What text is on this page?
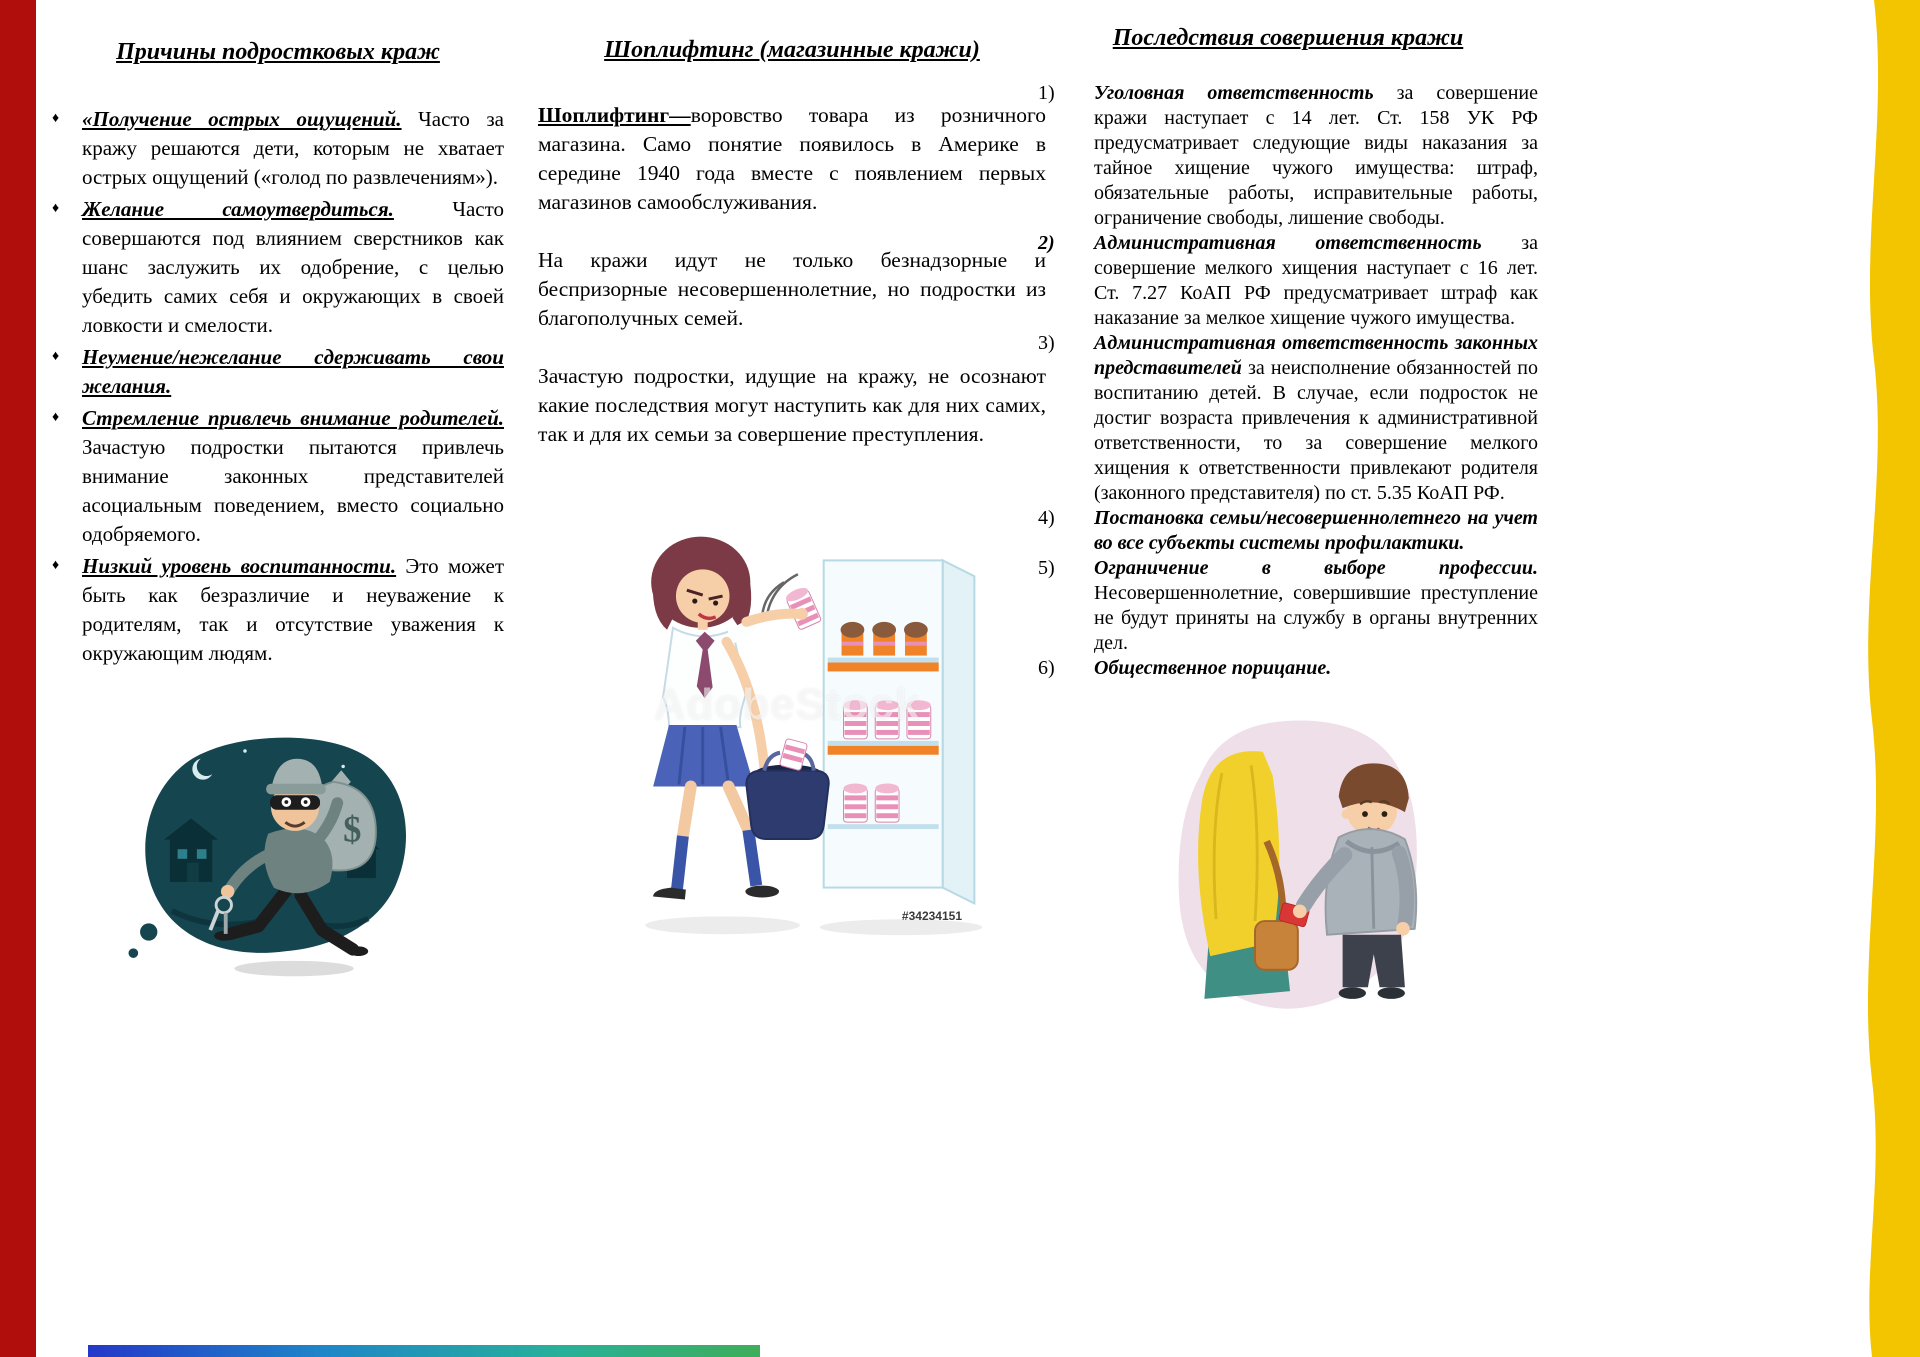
Причины подростковых краж
♦	«Получение острых ощущений. Часто за кражу решаются дети, которым не хватает острых ощущений («голод по развлечениям»).
♦	Желание самоутвердиться.	Часто совершаются под влиянием сверстников как шанс заслужить их одобрение, с целью убедить самих себя и окружающих в своей ловкости и смелости.
♦	Неумение/нежелание сдерживать свои желания.
♦	Стремление привлечь внимание родителей. Зачастую подростки пытаются привлечь внимание законных представителей асоциальным поведением, вместо социально одобряемого.
♦	Низкий уровень воспитанности. Это может быть как безразличие и неуважение к родителям, так и отсутствие уважения к окружающим людям.
$
Шоплифтинг (магазинные кражи)

Шоплифтинг—воровство товара из розничного магазина. Само понятие появилось в Америке в середине 1940 года вместе с появлением первых магазинов самообслуживания.

На кражи идут не только безнадзорные и беспризорные несовершеннолетние, но подростки из благополучных семей.

Зачастую подростки, идущие на кражу, не осознают какие последствия могут наступить как для них самих, так и для их семьи за совершение преступления.

AdobeStock
#34234151
Последствия совершения кражи
1)	Уголовная ответственность за совершение кражи наступает с 14 лет. Ст. 158 УК РФ предусматривает следующие виды наказания за тайное хищение чужого имущества: штраф, обязательные работы, исправительные работы, ограничение свободы, лишение свободы.
2)	Административная ответственность за совершение мелкого хищения наступает с 16 лет. Ст. 7.27 КоАП РФ предусматривает штраф как наказание за мелкое хищение чужого имущества.
3)	Административная ответственность законных представителей за неисполнение обязанностей по воспитанию детей. В случае, если подросток не достиг возраста привлечения к административной ответственности, то за совершение мелкого хищения к ответственности привлекают родителя (законного представителя) по ст. 5.35 КоАП РФ.
4)	Постановка семьи/несовершеннолетнего на учет во все субъекты системы профилактики.
5)	Ограничение в выборе профессии. Несовершеннолетние, совершившие преступление не будут приняты на службу в органы внутренних дел.
6)	Общественное порицание.
